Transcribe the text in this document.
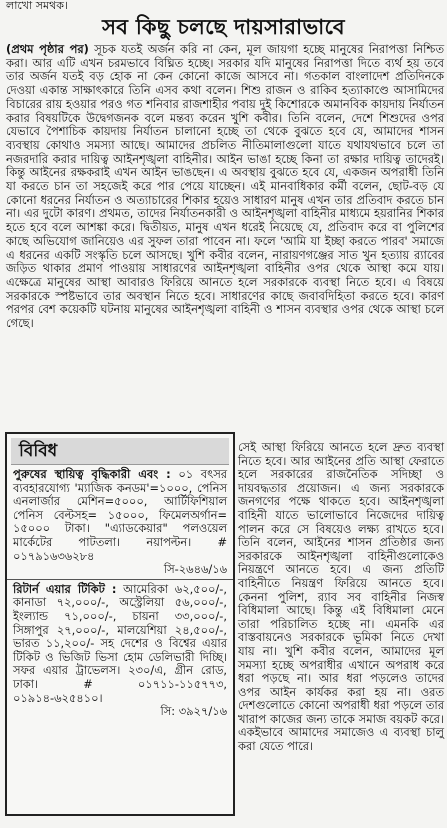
লাখো সমথক।
সব কিছু চলছে দায়সারাভাবে

(প্রথম পৃষ্ঠার পর) সূচক যতই অর্জন করি না কেন, মূল জায়গা হচ্ছে মানুষের নিরাপত্তা নিশ্চিত করা। আর এটি এখন চরমভাবে বিঘ্নিত হচ্ছে। সরকার যদি মানুষের নিরাপত্তা দিতে ব্যর্থ হয় তবে তার অর্জন যতই বড় হোক না কেন কোনো কাজে আসবে না। গতকাল বাংলাদেশ প্রতিদিনকে দেওয়া একান্ত সাক্ষাৎকারে তিনি এসব কথা বলেন। শিশু রাজন ও রাকিব হত্যাকাণ্ডে আসামিদের বিচারের রায় হওয়ার পরও গত শনিবার রাজশাহীর পবায় দুই কিশোরকে অমানবিক কায়দায় নির্যাতন করার বিষয়টিকে উদ্বেগজনক বলে মন্তব্য করেন খুশি কবীর। তিনি বলেন, দেশে শিশুদের ওপর যেভাবে পৈশাচিক কায়দায় নির্যাতন চালানো হচ্ছে তা থেকে বুঝতে হবে যে, আমাদের শাসন ব্যবস্থায় কোথাও সমস্যা আছে। আমাদের প্রচলিত নীতিমালাগুলো যাতে যথাযথভাবে চলে তা নজরদারি করার দায়িত্ব আইনশৃঙ্খলা বাহিনীর। আইন ভাঙা হচ্ছে কিনা তা রক্ষার দায়িত্ব তাদেরই। কিন্তু আইনের রক্ষকরাই এখন আইন ভাঙছেন। এ অবস্থায় বুঝতে হবে যে, একজন অপরাধী তিনি যা করতে চান তা সহজেই করে পার পেয়ে যাচ্ছেন। এই মানবাধিকার কর্মী বলেন, ছোট-বড় যে কোনো ধরনের নির্যাতন ও অত্যাচারের শিকার হয়েও সাধারণ মানুষ এখন তার প্রতিবাদ করতে চান না। এর দুটো কারণ। প্রথমত, তাদের নির্যাতনকারী ও আইনশৃঙ্খলা বাহিনীর মাধ্যমে হয়রানির শিকার হতে হবে বলে আশঙ্কা করে। দ্বিতীয়ত, মানুষ এখন ধরেই নিয়েছে যে, প্রতিবাদ করে বা পুলিশের কাছে অভিযোগ জানিয়েও এর সুফল তারা পাবেন না। ফলে 'আমি যা ইচ্ছা করতে পারব' সমাজে এ ধরনের একটি সংস্কৃতি চলে আসছে। খুশি কবীর বলেন, নারায়ণগঞ্জের সাত খুন হত্যায় র‌্যাবের জড়িত থাকার প্রমাণ পাওয়ায় সাধারণের আইনশৃঙ্খলা বাহিনীর ওপর থেকে আস্থা কমে যায়। এক্ষেত্রে মানুষের আস্থা আবারও ফিরিয়ে আনতে হলে সরকারকে ব্যবস্থা নিতে হবে। এ বিষয়ে সরকারকে স্পষ্টভাবে তার অবস্থান নিতে হবে। সাধারণের কাছে জবাবদিহিতা করতে হবে। কারণ পরপর বেশ কয়েকটি ঘটনায় মানুষের আইনশৃঙ্খলা বাহিনী ও শাসন ব্যবস্থার ওপর থেকে আস্থা চলে গেছে।

বিবিধ
পুরুষের স্থায়িত্ব বৃদ্ধিকারী এবং : ০১ বৎসর ব্যবহারযোগ্য 'ম্যাজিক কনডম'=১০০০, পেনিস এনলার্জার মেশিন=৫০০০, আর্টিফিশিয়াল পেনিস বেল্টসহ= ১৫০০০, ফিমেলঅর্গান= ১৫০০০ টাকা। "এ্যাডকেয়ার" পলওয়েল মার্কেটের পাটতলা। নয়াপল্টন। # ০১৭৯১৬৩৬২৮৪
সি-২৬৪৬/১৬
রিটার্ন এয়ার টিকিট : আমেরিকা ৬২,৫০০/-, কানাডা ৭২,০০০/-, অস্ট্রেলিয়া ৫৬,০০০/-, ইংল্যান্ড ৭১,০০০/-, চায়না ৩৩,০০০/-, সিঙ্গাপুর ২৭,০০০/-, মালয়েশিয়া ২৪,৫০০/-, ভারত ১১,২০০/- সহ দেশের ও বিশ্বের এয়ার টিকিট ও ভিজিট ভিসা হোম ডেলিভারী দিচ্ছি। সফর এয়ার ট্রাভেলস। ২৩০/এ, গ্রীন রোড, ঢাকা। # ০১৭১১-১১৫৭৭৩, ০১৯১৪-৬২৫৪১০।
সি: ৩৯২৭/১৬
সেই আস্থা ফিরিয়ে আনতে হলে দ্রুত ব্যবস্থা নিতে হবে। আর আইনের প্রতি আস্থা ফেরাতে হলে সরকারের রাজনৈতিক সদিচ্ছা ও দায়বদ্ধতার প্রয়োজন। এ জন্য সরকারকে জনগণের পক্ষে থাকতে হবে। আইনশৃঙ্খলা বাহিনী যাতে ভালোভাবে নিজেদের দায়িত্ব পালন করে সে বিষয়েও লক্ষ্য রাখতে হবে। তিনি বলেন, আইনের শাসন প্রতিষ্ঠার জন্য সরকারকে আইনশৃঙ্খলা বাহিনীগুলোকেও নিয়ন্ত্রণে আনতে হবে। এ জন্য প্রতিটি বাহিনীতে নিয়ন্ত্রণ ফিরিয়ে আনতে হবে। কেননা পুলিশ, র‌্যাব সব বাহিনীর নিজস্ব বিধিমালা আছে। কিন্তু এই বিধিমালা মেনে তারা পরিচালিত হচ্ছে না। এমনকি এর বাস্তবায়নেও সরকারকে ভূমিকা নিতে দেখা যায় না। খুশি কবীর বলেন, আমাদের মূল সমস্যা হচ্ছে অপরাধীর এখানে অপরাধ করে ধরা পড়ছে না। আর ধরা পড়লেও তাদের ওপর আইন কার্যকর করা হয় না। ওরত দেশগুলোতে কোনো অপরাধী ধরা পড়লে তার খারাপ কাজের জন্য তাকে সমাজ বয়কট করে। একইভাবে আমাদের সমাজেও এ ব্যবস্থা চালু করা যেতে পারে।
